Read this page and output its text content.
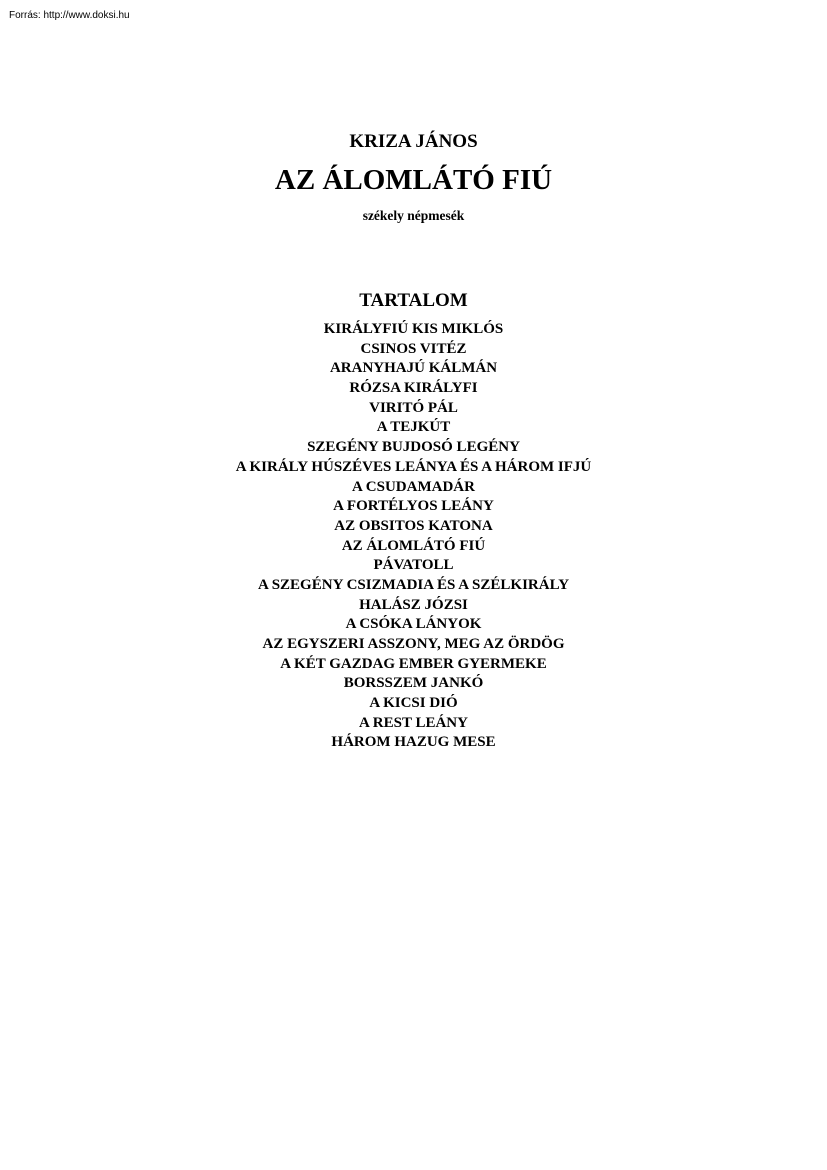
Forrás: http://www.doksi.hu
KRIZA JÁNOS
AZ ÁLOMLÁTÓ FIÚ
székely népmesék
TARTALOM
KIRÁLYFIÚ KIS MIKLÓS
CSINOS VITÉZ
ARANYHAJÚ KÁLMÁN
RÓZSA KIRÁLYFI
VIRITÓ PÁL
A TEJKÚT
SZEGÉNY BUJDOSÓ LEGÉNY
A KIRÁLY HÚSZÉVES LEÁNYA ÉS A HÁROM IFJÚ
A CSUDAMADÁR
A FORTÉLYOS LEÁNY
AZ OBSITOS KATONA
AZ ÁLOMLÁTÓ FIÚ
PÁVATOLL
A SZEGÉNY CSIZMADIA ÉS A SZÉLKIRÁLY
HALÁSZ JÓZSI
A CSÓKA LÁNYOK
AZ EGYSZERI ASSZONY, MEG AZ ÖRDÖG
A KÉT GAZDAG EMBER GYERMEKE
BORSSZEM JANKÓ
A KICSI DIÓ
A REST LEÁNY
HÁROM HAZUG MESE
